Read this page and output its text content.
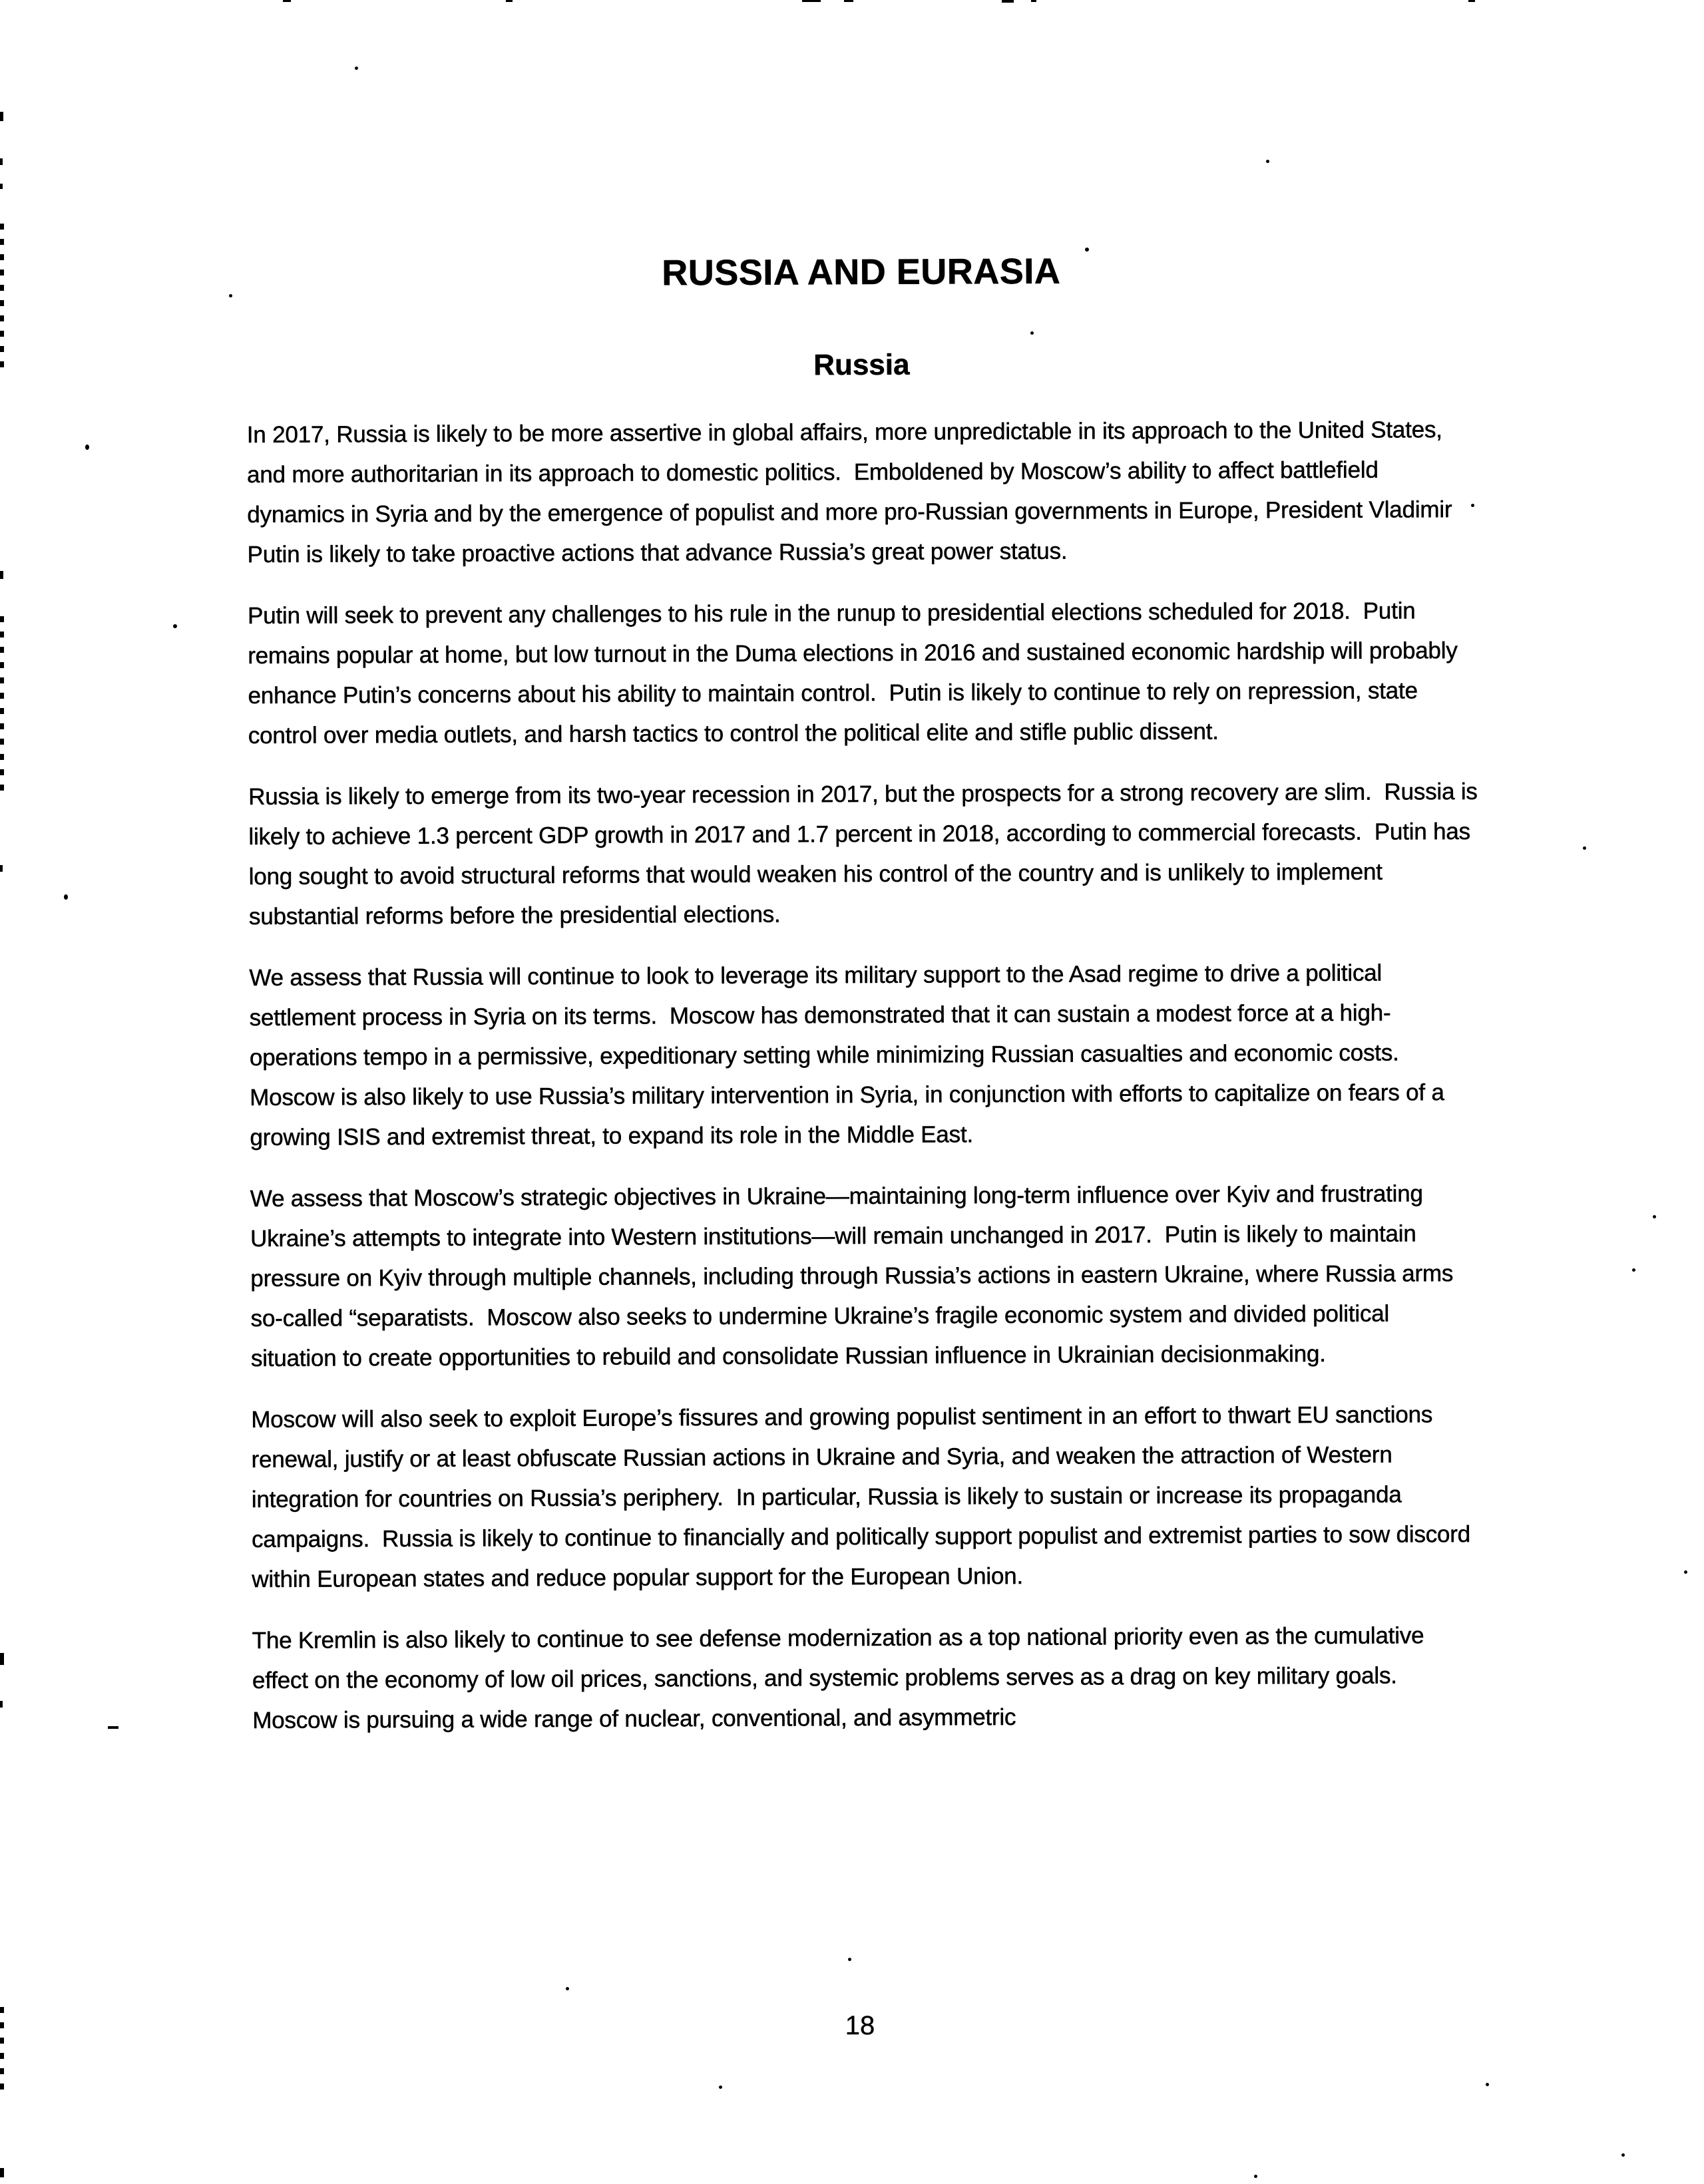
RUSSIA AND EURASIA
Russia

In 2017, Russia is likely to be more assertive in global affairs, more unpredictable in its approach to the United States, and more authoritarian in its approach to domestic politics.  Emboldened by Moscow’s ability to affect battlefield dynamics in Syria and by the emergence of populist and more pro-Russian governments in Europe, President Vladimir Putin is likely to take proactive actions that advance Russia’s great power status.

Putin will seek to prevent any challenges to his rule in the runup to presidential elections scheduled for 2018.  Putin remains popular at home, but low turnout in the Duma elections in 2016 and sustained economic hardship will probably enhance Putin’s concerns about his ability to maintain control.  Putin is likely to continue to rely on repression, state control over media outlets, and harsh tactics to control the political elite and stifle public dissent.

Russia is likely to emerge from its two-year recession in 2017, but the prospects for a strong recovery are slim.  Russia is likely to achieve 1.3 percent GDP growth in 2017 and 1.7 percent in 2018, according to commercial forecasts.  Putin has long sought to avoid structural reforms that would weaken his control of the country and is unlikely to implement substantial reforms before the presidential elections.

We assess that Russia will continue to look to leverage its military support to the Asad regime to drive a political settlement process in Syria on its terms.  Moscow has demonstrated that it can sustain a modest force at a high-operations tempo in a permissive, expeditionary setting while minimizing Russian casualties and economic costs.  Moscow is also likely to use Russia’s military intervention in Syria, in conjunction with efforts to capitalize on fears of a growing ISIS and extremist threat, to expand its role in the Middle East.

We assess that Moscow’s strategic objectives in Ukraine—maintaining long-term influence over Kyiv and frustrating Ukraine’s attempts to integrate into Western institutions—will remain unchanged in 2017.  Putin is likely to maintain pressure on Kyiv through multiple channels, including through Russia’s actions in eastern Ukraine, where Russia arms so-called “separatists.  Moscow also seeks to undermine Ukraine’s fragile economic system and divided political situation to create opportunities to rebuild and consolidate Russian influence in Ukrainian decisionmaking.

Moscow will also seek to exploit Europe’s fissures and growing populist sentiment in an effort to thwart EU sanctions renewal, justify or at least obfuscate Russian actions in Ukraine and Syria, and weaken the attraction of Western integration for countries on Russia’s periphery.  In particular, Russia is likely to sustain or increase its propaganda campaigns.  Russia is likely to continue to financially and politically support populist and extremist parties to sow discord within European states and reduce popular support for the European Union.

The Kremlin is also likely to continue to see defense modernization as a top national priority even as the cumulative effect on the economy of low oil prices, sanctions, and systemic problems serves as a drag on key military goals.  Moscow is pursuing a wide range of nuclear, conventional, and asymmetric

18
